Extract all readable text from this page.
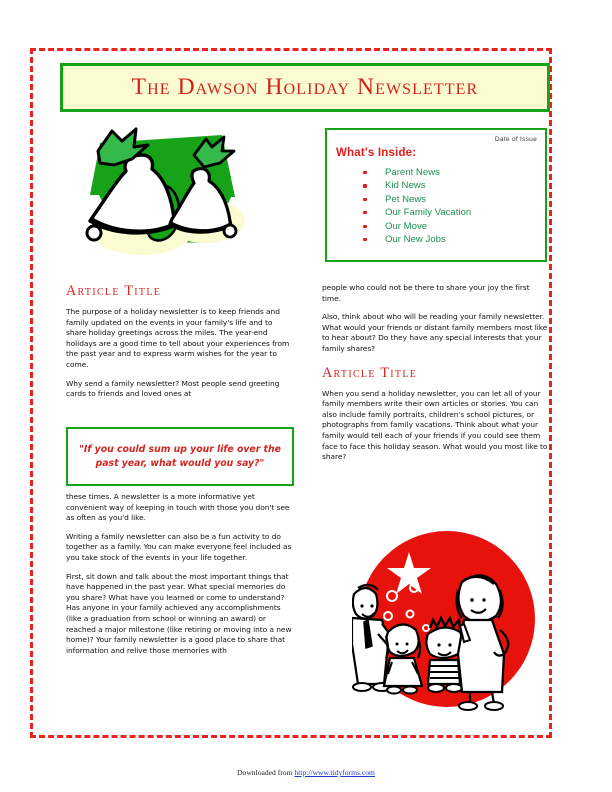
The Dawson Holiday Newsletter
Date of Issue
What's Inside:
Parent News
Kid News
Pet News
Our Family Vacation
Our Move
Our New Jobs
Article Title

The purpose of a holiday newsletter is to keep friends and family updated on the events in your family's life and to share holiday greetings across the miles. The year-end holidays are a good time to tell about your experiences from the past year and to express warm wishes for the year to come.

Why send a family newsletter? Most people send greeting cards to friends and loved ones at

"If you could sum up your life over the past year, what would you say?"

these times. A newsletter is a more informative yet convenient way of keeping in touch with those you don't see as often as you'd like.

Writing a family newsletter can also be a fun activity to do together as a family. You can make everyone feel included as you take stock of the events in your life together.

First, sit down and talk about the most important things that have happened in the past year. What special memories do you share? What have you learned or come to understand? Has anyone in your family achieved any accomplishments (like a graduation from school or winning an award) or reached a major milestone (like retiring or moving into a new home)? Your family newsletter is a good place to share that information and relive those memories with

people who could not be there to share your joy the first time.

Also, think about who will be reading your family newsletter. What would your friends or distant family members most like to hear about? Do they have any special interests that your family shares?

Article Title

When you send a holiday newsletter, you can let all of your family members write their own articles or stories. You can also include family portraits, children's school pictures, or photographs from family vacations. Think about what your family would tell each of your friends if you could see them face to face this holiday season. What would you most like to share?

Downloaded from http://www.tidyforms.com
